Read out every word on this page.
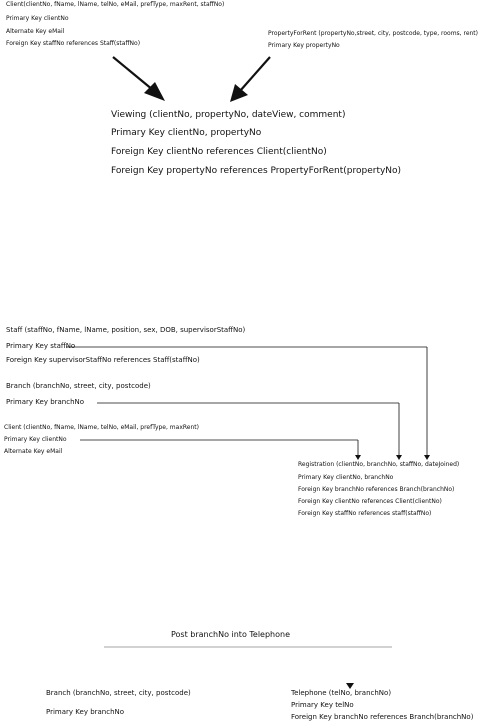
Client(clientNo, fName, lName, telNo, eMail, prefType, maxRent, staffNo)
Primary Key clientNo
Alternate Key eMail
Foreign Key staffNo references Staff(staffNo)
PropertyForRent (propertyNo,street, city, postcode, type, rooms, rent)
Primary Key propertyNo
Viewing (clientNo, propertyNo, dateView, comment)
Primary Key clientNo, propertyNo
Foreign Key clientNo references Client(clientNo)
Foreign Key propertyNo references PropertyForRent(propertyNo)
Staff (staffNo, fName, lName, position, sex, DOB, supervisorStaffNo)
Primary Key staffNo
Foreign Key supervisorStaffNo references Staff(staffNo)
Branch (branchNo, street, city, postcode)
Primary Key branchNo
Client (clientNo, fName, lName, telNo, eMail, prefType, maxRent)
Primary Key clientNo
Alternate Key eMail
Registration (clientNo, branchNo, staffNo, dateJoined)
Primary Key clientNo, branchNo
Foreign Key branchNo references Branch(branchNo)
Foreign Key clientNo references Client(clientNo)
Foreign Key staffNo references staff(staffNo)
Post branchNo into Telephone
Branch (branchNo, street, city, postcode)
Primary Key branchNo
Telephone (telNo, branchNo)
Primary Key telNo
Foreign Key branchNo references Branch(branchNo)
